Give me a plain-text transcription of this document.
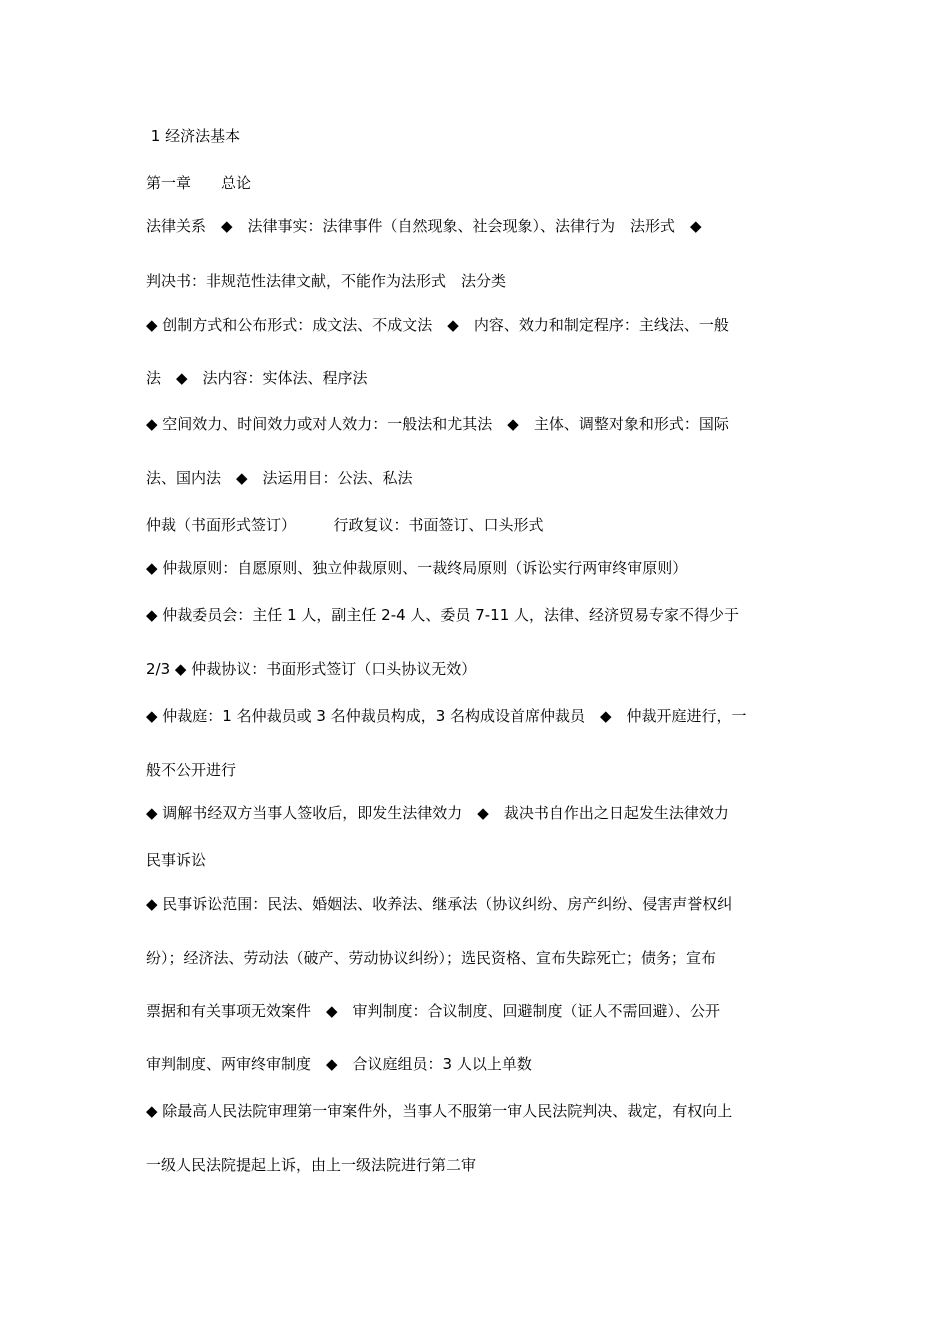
1 经济法基本
第一章　　总论
法律关系　◆　法律事实：法律事件（自然现象、社会现象）、法律行为　法形式　◆
判决书：非规范性法律文献，不能作为法形式　法分类
◆ 创制方式和公布形式：成文法、不成文法　◆　内容、效力和制定程序：主线法、一般
法　◆　法内容：实体法、程序法
◆ 空间效力、时间效力或对人效力：一般法和尤其法　◆　主体、调整对象和形式：国际
法、国内法　◆　法运用目：公法、私法
仲裁（书面形式签订）　　　行政复议：书面签订、口头形式
◆ 仲裁原则：自愿原则、独立仲裁原则、一裁终局原则（诉讼实行两审终审原则）
◆ 仲裁委员会：主任 1 人，副主任 2-4 人、委员 7-11 人，法律、经济贸易专家不得少于
2/3 ◆ 仲裁协议：书面形式签订（口头协议无效）
◆ 仲裁庭：1 名仲裁员或 3 名仲裁员构成，3 名构成设首席仲裁员　◆　仲裁开庭进行，一
般不公开进行
◆ 调解书经双方当事人签收后，即发生法律效力　◆　裁决书自作出之日起发生法律效力
民事诉讼
◆ 民事诉讼范围：民法、婚姻法、收养法、继承法（协议纠纷、房产纠纷、侵害声誉权纠
纷）；经济法、劳动法（破产、劳动协议纠纷）；选民资格、宣布失踪死亡；债务；宣布
票据和有关事项无效案件　◆　审判制度：合议制度、回避制度（证人不需回避）、公开
审判制度、两审终审制度　◆　合议庭组员：3 人以上单数
◆ 除最高人民法院审理第一审案件外，当事人不服第一审人民法院判决、裁定，有权向上
一级人民法院提起上诉，由上一级法院进行第二审
